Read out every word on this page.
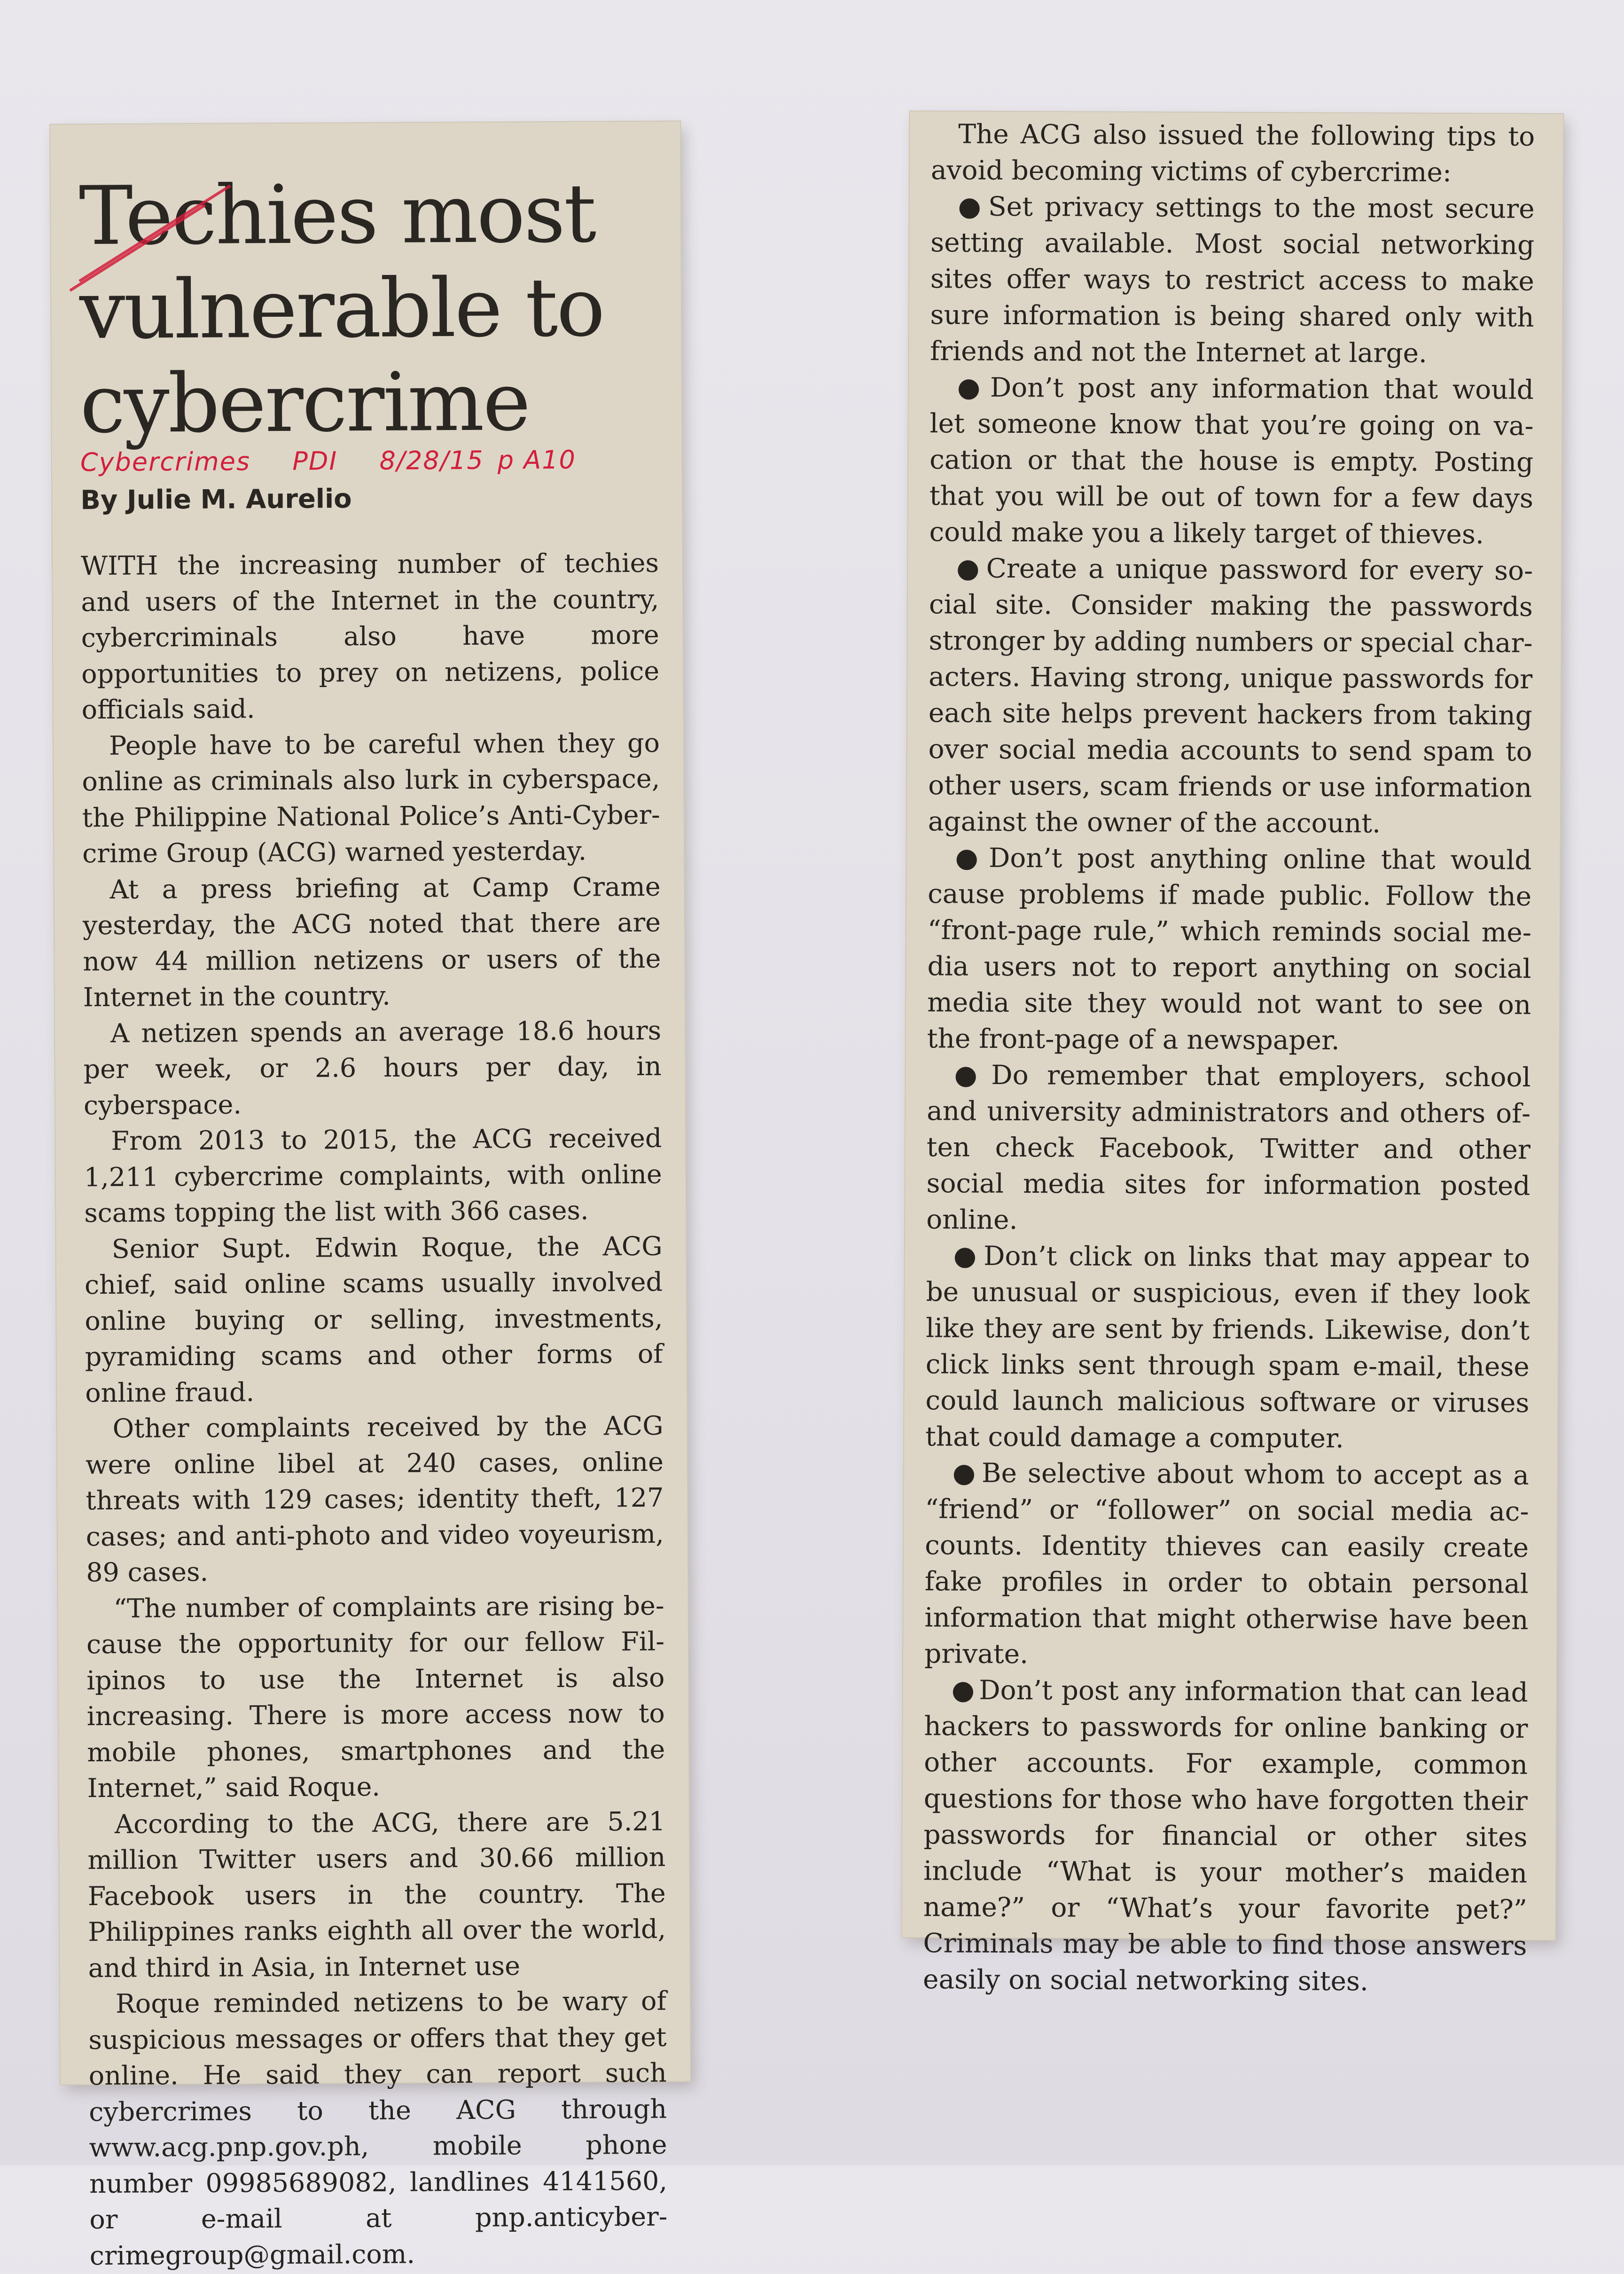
Techies most
vulnerable to
cybercrime
Cybercrimes PDI 8/28/15 p A10
By Julie M. Aurelio

WITH the increasing number of techies and users of the Internet in the country, cybercriminals also have more opportunities to prey on netizens, police officials said.

People have to be careful when they go online as criminals also lurk in cyberspace, the Philippine National Police’s Anti-Cybercrime Group (ACG) warned yesterday.

At a press briefing at Camp Crame yesterday, the ACG noted that there are now 44 million netizens or users of the Internet in the country.

A netizen spends an average 18.6 hours per week, or 2.6 hours per day, in cyberspace.

From 2013 to 2015, the ACG received 1,211 cybercrime complaints, with online scams topping the list with 366 cases.

Senior Supt. Edwin Roque, the ACG chief, said online scams usually involved online buying or selling, investments, pyramiding scams and other forms of online fraud.

Other complaints received by the ACG were online libel at 240 cases, online threats with 129 cases; identity theft, 127 cases; and anti-photo and video voyeurism, 89 cases.

“The number of complaints are rising because the opportunity for our fellow Filipinos to use the Internet is also increasing. There is more access now to mobile phones, smartphones and the Internet,” said Roque.

According to the ACG, there are 5.21 million Twitter users and 30.66 million Facebook users in the country. The Philippines ranks eighth all over the world, and third in Asia, in Internet use

Roque reminded netizens to be wary of suspicious messages or offers that they get online. He said they can report such cybercrimes to the ACG through www.acg.pnp.gov.ph, mobile phone number 09985689082, landlines 4141560, or e-mail at pnp.anticybercrimegroup@gmail.com.

The ACG also issued the following tips to avoid becoming victims of cybercrime:

● Set privacy settings to the most secure setting available. Most social networking sites offer ways to restrict access to make sure information is being shared only with friends and not the Internet at large.

● Don’t post any information that would let someone know that you’re going on vacation or that the house is empty. Posting that you will be out of town for a few days could make you a likely target of thieves.

● Create a unique password for every social site. Consider making the passwords stronger by adding numbers or special characters. Having strong, unique passwords for each site helps prevent hackers from taking over social media accounts to send spam to other users, scam friends or use information against the owner of the account.

● Don’t post anything online that would cause problems if made public. Follow the “front-page rule,” which reminds social media users not to report anything on social media site they would not want to see on the front-page of a newspaper.

● Do remember that employers, school and university administrators and others often check Facebook, Twitter and other social media sites for information posted online.

● Don’t click on links that may appear to be unusual or suspicious, even if they look like they are sent by friends. Likewise, don’t click links sent through spam e-mail, these could launch malicious software or viruses that could damage a computer.

● Be selective about whom to accept as a “friend” or “follower” on social media accounts. Identity thieves can easily create fake profiles in order to obtain personal information that might otherwise have been private.

● Don’t post any information that can lead hackers to passwords for online banking or other accounts. For example, common questions for those who have forgotten their passwords for financial or other sites include “What is your mother’s maiden name?” or “What’s your favorite pet?” Criminals may be able to find those answers easily on social networking sites.
